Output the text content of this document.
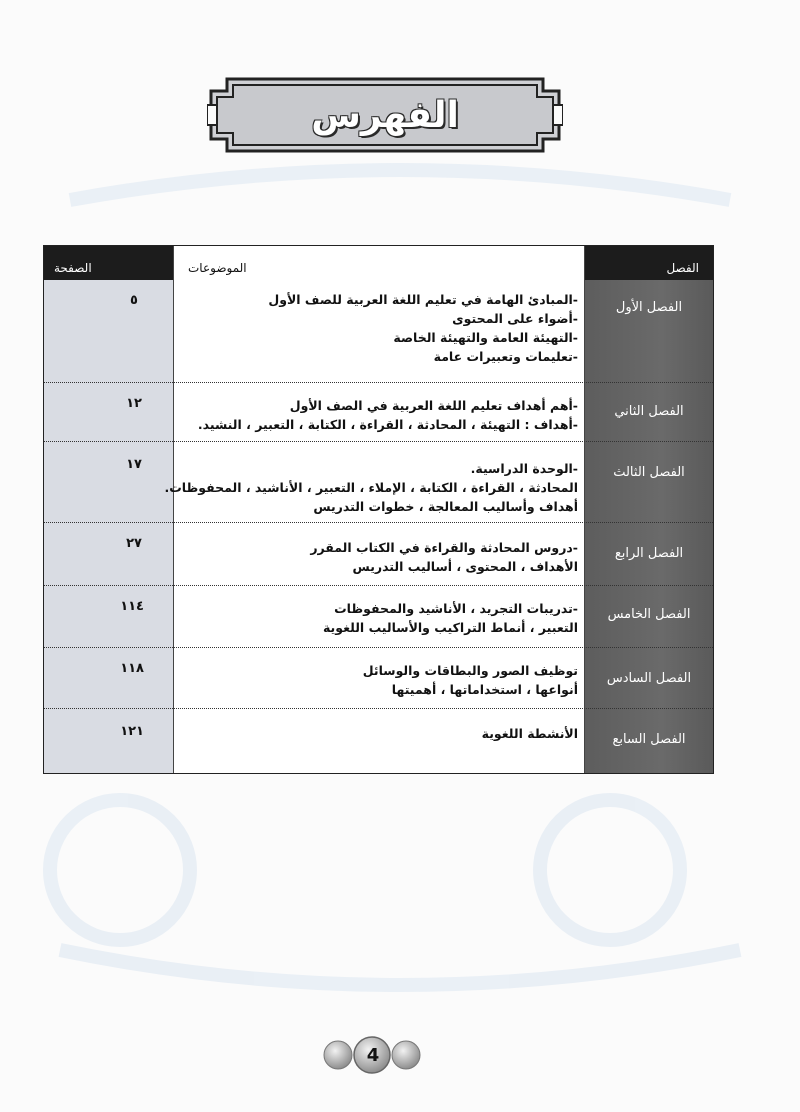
الفهرس
الفصل
الموضوعات
الصفحة
الفصل الأول
-المبادئ الهامة في تعليم اللغة العربية للصف الأول
-أضواء على المحتوى
-التهيئة العامة والتهيئة الخاصة
-تعليمات وتعبيرات عامة
٥
الفصل الثاني
-أهم أهداف تعليم اللغة العربية في الصف الأول
-أهداف : التهيئة ، المحادثة ، القراءة ، الكتابة ، التعبير ، النشيد.
١٢
الفصل الثالث
-الوحدة الدراسية.
المحادثة ، القراءة ، الكتابة ، الإملاء ، التعبير ، الأناشيد ، المحفوظات.
أهداف وأساليب المعالجة ، خطوات التدريس
١٧
الفصل الرابع
-دروس المحادثة والقراءة في الكتاب المقرر
الأهداف ، المحتوى ، أساليب التدريس
٢٧
الفصل الخامس
-تدريبات التجريد ، الأناشيد والمحفوظات
التعبير ، أنماط التراكيب والأساليب اللغوية
١١٤
الفصل السادس
توظيف الصور والبطاقات والوسائل
أنواعها ، استخداماتها ، أهميتها
١١٨
الفصل السابع
الأنشطة اللغوية
١٢١
4
